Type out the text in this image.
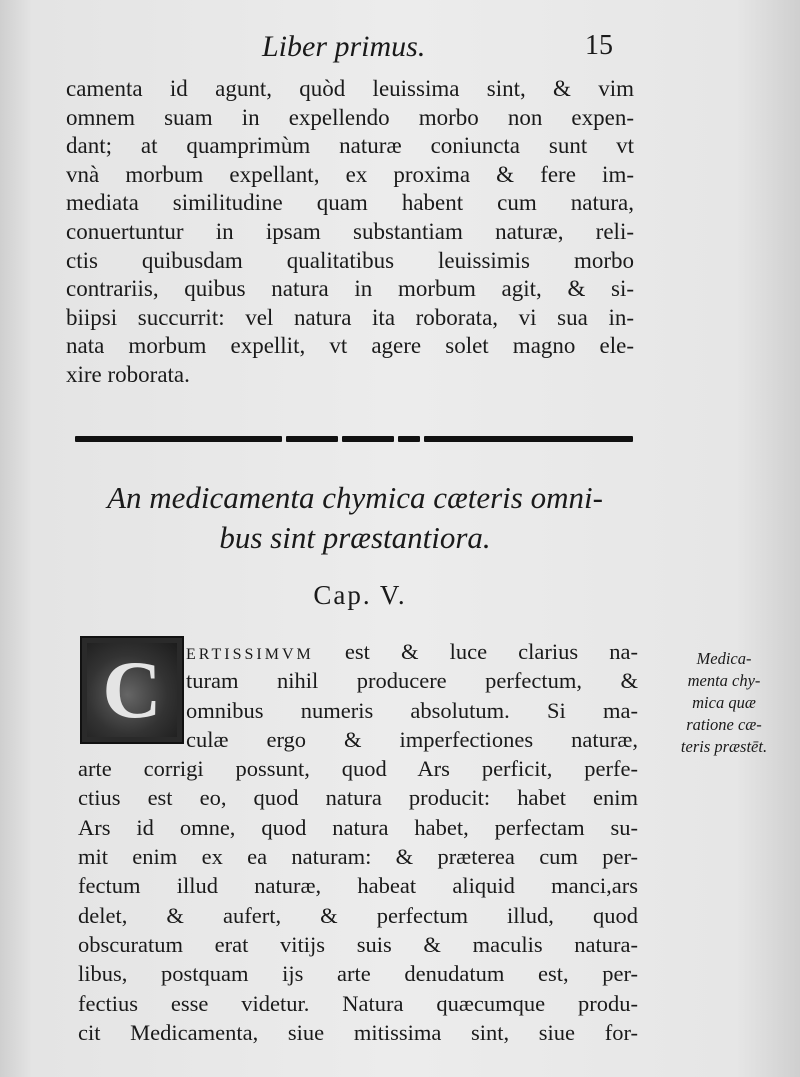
Liber primus.	15
camenta id agunt, quòd leuissima sint, & vim
omnem suam in expellendo morbo non expen-
dant; at quamprimùm naturæ coniuncta sunt vt
vnà morbum expellant, ex proxima & fere im-
mediata similitudine quam habent cum natura,
conuertuntur in ipsam substantiam naturæ, reli-
ctis quibusdam qualitatibus leuissimis morbo
contrariis, quibus natura in morbum agit, & si-
biipsi succurrit: vel natura ita roborata, vi sua in-
nata morbum expellit, vt agere solet magno ele-
xire roborata.
An medicamenta chymica cæteris omni-
bus sint præstantiora.
Cap. V.
C	ertissimvm est & luce clarius na-
turam nihil producere perfectum, &
omnibus numeris absolutum. Si ma-
culæ ergo & imperfectiones naturæ,
arte corrigi possunt, quod Ars perficit, perfe-
ctius est eo, quod natura producit: habet enim
Ars id omne, quod natura habet, perfectam su-
mit enim ex ea naturam: & præterea cum per-
fectum illud naturæ, habeat aliquid manci,ars
delet, & aufert, & perfectum illud, quod
obscuratum erat vitijs suis & maculis natura-
libus, postquam ijs arte denudatum est, per-
fectius esse videtur. Natura quæcumque produ-
cit Medicamenta, siue mitissima sint, siue for-
Medica-
menta chy-
mica quæ
ratione cæ-
teris præstēt.
